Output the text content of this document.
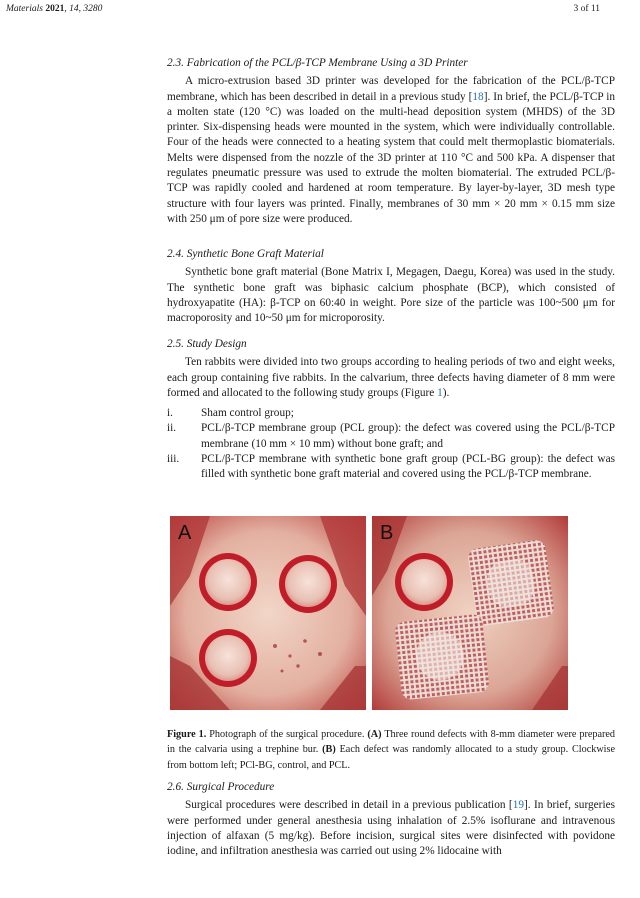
Materials 2021, 14, 3280	3 of 11
2.3. Fabrication of the PCL/β-TCP Membrane Using a 3D Printer

A micro-extrusion based 3D printer was developed for the fabrication of the PCL/β-TCP membrane, which has been described in detail in a previous study [18]. In brief, the PCL/β-TCP in a molten state (120 °C) was loaded on the multi-head deposition system (MHDS) of the 3D printer. Six-dispensing heads were mounted in the system, which were individually controllable. Four of the heads were connected to a heating system that could melt thermoplastic biomaterials. Melts were dispensed from the nozzle of the 3D printer at 110 °C and 500 kPa. A dispenser that regulates pneumatic pressure was used to extrude the molten biomaterial. The extruded PCL/β-TCP was rapidly cooled and hardened at room temperature. By layer-by-layer, 3D mesh type structure with four layers was printed. Finally, membranes of 30 mm × 20 mm × 0.15 mm size with 250 μm of pore size were produced.

2.4. Synthetic Bone Graft Material

Synthetic bone graft material (Bone Matrix I, Megagen, Daegu, Korea) was used in the study. The synthetic bone graft was biphasic calcium phosphate (BCP), which consisted of hydroxyapatite (HA): β-TCP on 60:40 in weight. Pore size of the particle was 100~500 μm for macroporosity and 10~50 μm for microporosity.

2.5. Study Design

Ten rabbits were divided into two groups according to healing periods of two and eight weeks, each group containing five rabbits. In the calvarium, three defects having diameter of 8 mm were formed and allocated to the following study groups (Figure 1).

i. Sham control group;
ii. PCL/β-TCP membrane group (PCL group): the defect was covered using the PCL/β-TCP membrane (10 mm × 10 mm) without bone graft; and
iii. PCL/β-TCP membrane with synthetic bone graft group (PCL-BG group): the defect was filled with synthetic bone graft material and covered using the PCL/β-TCP membrane.
A	B
Figure 1. Photograph of the surgical procedure. (A) Three round defects with 8-mm diameter were prepared in the calvaria using a trephine bur. (B) Each defect was randomly allocated to a study group. Clockwise from bottom left; PCl-BG, control, and PCL.
2.6. Surgical Procedure

Surgical procedures were described in detail in a previous publication [19]. In brief, surgeries were performed under general anesthesia using inhalation of 2.5% isoflurane and intravenous injection of alfaxan (5 mg/kg). Before incision, surgical sites were disinfected with povidone iodine, and infiltration anesthesia was carried out using 2% lidocaine with
